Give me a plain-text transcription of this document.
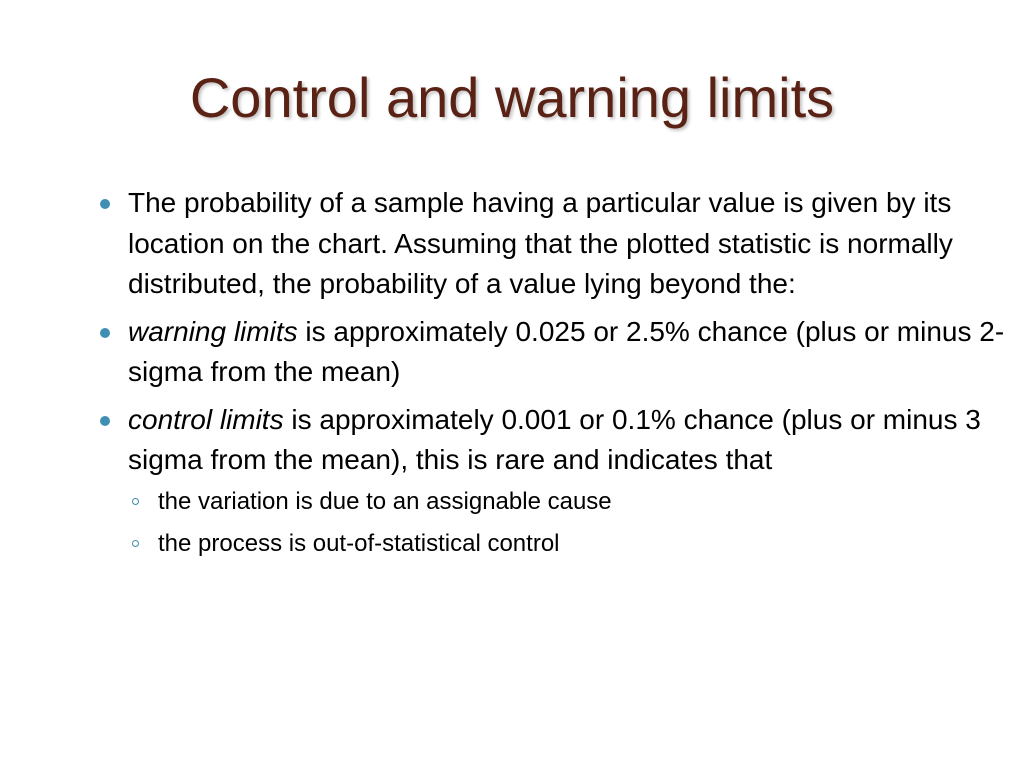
Control and warning limits
The probability of a sample having a particular value is given by its location on the chart. Assuming that the plotted statistic is normally distributed, the probability of a value lying beyond the:
warning limits is approximately 0.025 or 2.5% chance (plus or minus 2-sigma from the mean)
control limits is approximately 0.001 or 0.1% chance (plus or minus 3 sigma from the mean), this is rare and indicates that
the variation is due to an assignable cause
the process is out-of-statistical control
